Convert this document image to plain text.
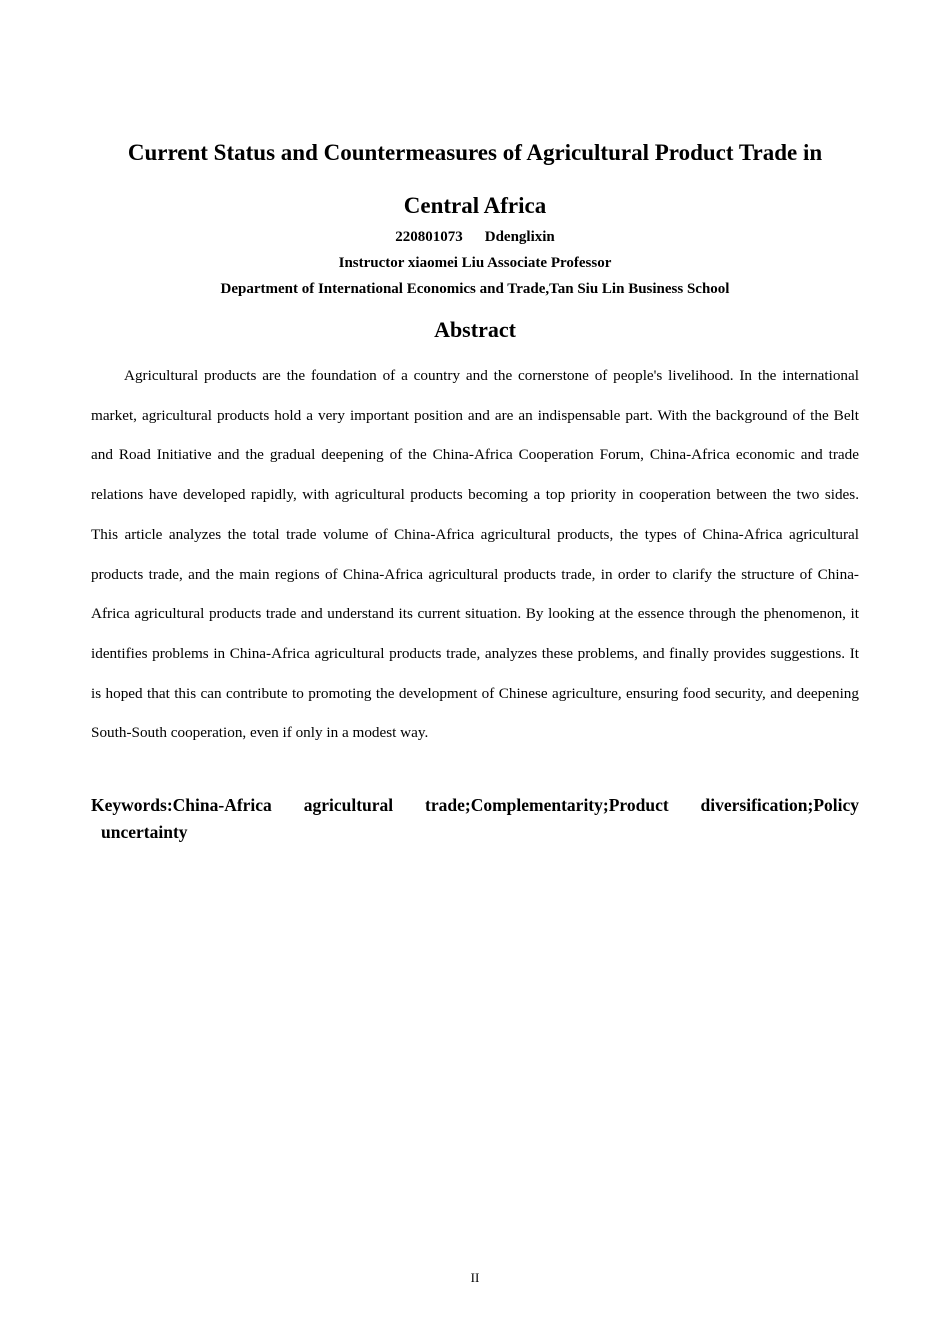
Current Status and Countermeasures of Agricultural Product Trade in Central Africa
220801073 Ddenglixin
Instructor xiaomei Liu Associate Professor
Department of International Economics and Trade,Tan Siu Lin Business School
Abstract

Agricultural products are the foundation of a country and the cornerstone of people's livelihood. In the international market, agricultural products hold a very important position and are an indispensable part. With the background of the Belt and Road Initiative and the gradual deepening of the China-Africa Cooperation Forum, China-Africa economic and trade relations have developed rapidly, with agricultural products becoming a top priority in cooperation between the two sides. This article analyzes the total trade volume of China-Africa agricultural products, the types of China-Africa agricultural products trade, and the main regions of China-Africa agricultural products trade, in order to clarify the structure of China-Africa agricultural products trade and understand its current situation. By looking at the essence through the phenomenon, it identifies problems in China-Africa agricultural products trade, analyzes these problems, and finally provides suggestions. It is hoped that this can contribute to promoting the development of Chinese agriculture, ensuring food security, and deepening South-South cooperation, even if only in a modest way.

Keywords:China-Africa agricultural trade;Complementarity;Product diversification;Policy uncertainty

II
